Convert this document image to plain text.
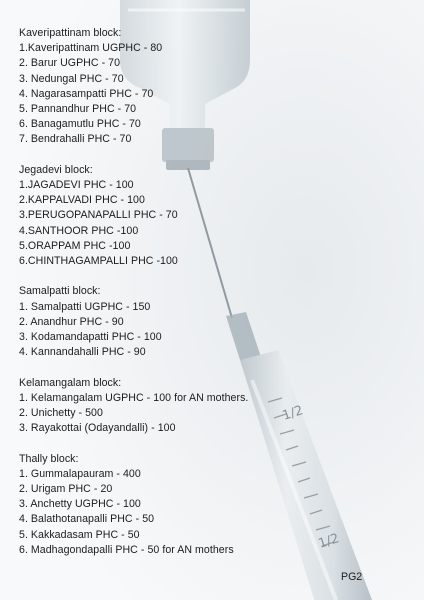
1/2
1/2
Kaveripattinam block:
1.Kaveripattinam UGPHC - 80
2. Barur UGPHC - 70
3. Nedungal PHC - 70
4. Nagarasampatti PHC - 70
5. Pannandhur PHC - 70
6. Banagamutlu PHC - 70
7. Bendrahalli PHC - 70
Jegadevi block:
1.JAGADEVI PHC - 100
2.KAPPALVADI PHC - 100
3.PERUGOPANAPALLI PHC - 70
4.SANTHOOR PHC -100
5.ORAPPAM PHC -100
6.CHINTHAGAMPALLI PHC -100
Samalpatti block:
1. Samalpatti UGPHC - 150
2. Anandhur PHC - 90
3. Kodamandapatti PHC - 100
4. Kannandahalli PHC - 90
Kelamangalam block:
1. Kelamangalam UGPHC - 100 for AN mothers.
2. Unichetty - 500
3. Rayakottai (Odayandalli) - 100
Thally block:
1. Gummalapauram - 400
2. Urigam PHC - 20
3. Anchetty UGPHC - 100
4. Balathotanapalli PHC - 50
5. Kakkadasam PHC - 50
6. Madhagondapalli PHC - 50 for AN mothers
PG2
